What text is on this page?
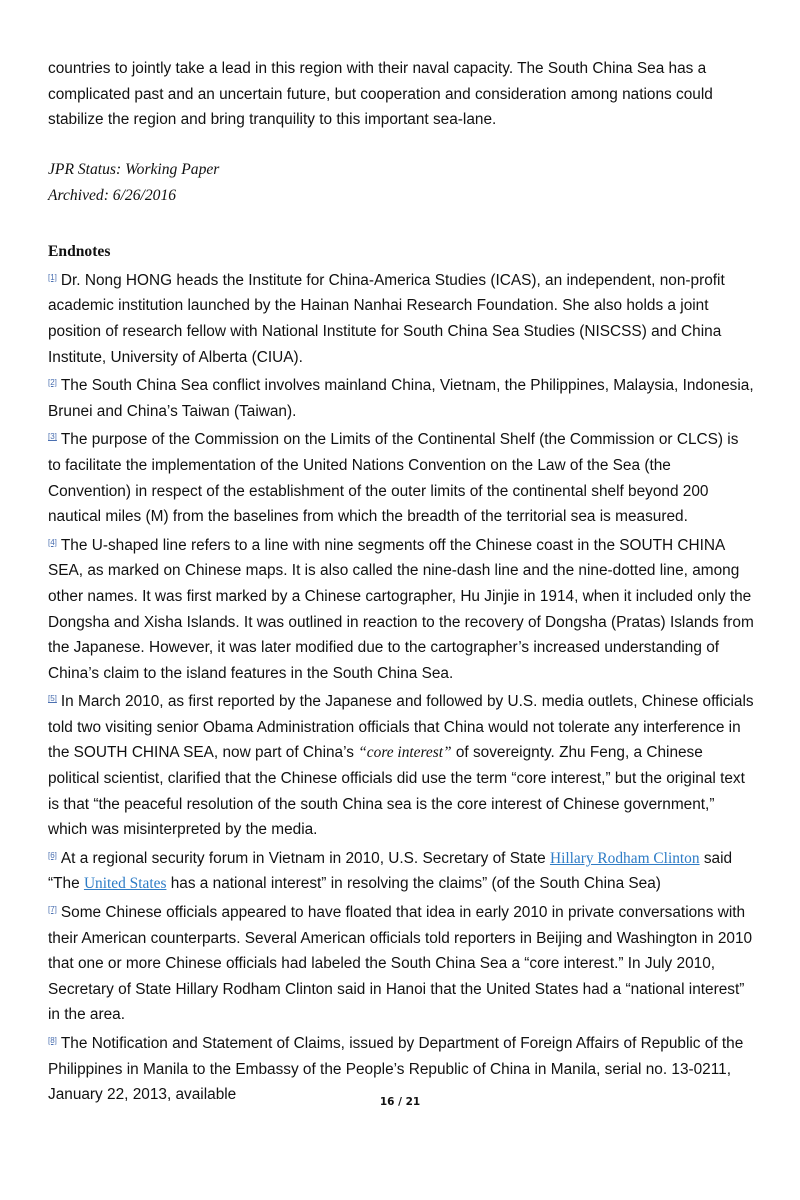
countries to jointly take a lead in this region with their naval capacity. The South China Sea has a complicated past and an uncertain future, but cooperation and consideration among nations could stabilize the region and bring tranquility to this important sea-lane.

JPR Status: Working Paper
Archived: 6/26/2016
Endnotes

[1] Dr. Nong HONG heads the Institute for China-America Studies (ICAS), an independent, non-profit academic institution launched by the Hainan Nanhai Research Foundation. She also holds a joint position of research fellow with National Institute for South China Sea Studies (NISCSS) and China Institute, University of Alberta (CIUA).

[2] The South China Sea conflict involves mainland China, Vietnam, the Philippines, Malaysia, Indonesia, Brunei and China’s Taiwan (Taiwan).

[3] The purpose of the Commission on the Limits of the Continental Shelf (the Commission or CLCS) is to facilitate the implementation of the United Nations Convention on the Law of the Sea (the Convention) in respect of the establishment of the outer limits of the continental shelf beyond 200 nautical miles (M) from the baselines from which the breadth of the territorial sea is measured.

[4] The U-shaped line refers to a line with nine segments off the Chinese coast in the SOUTH CHINA SEA, as marked on Chinese maps. It is also called the nine-dash line and the nine-dotted line, among other names. It was first marked by a Chinese cartographer, Hu Jinjie in 1914, when it included only the Dongsha and Xisha Islands. It was outlined in reaction to the recovery of Dongsha (Pratas) Islands from the Japanese. However, it was later modified due to the cartographer’s increased understanding of China’s claim to the island features in the South China Sea.

[5] In March 2010, as first reported by the Japanese and followed by U.S. media outlets, Chinese officials told two visiting senior Obama Administration officials that China would not tolerate any interference in the SOUTH CHINA SEA, now part of China’s “core interest” of sovereignty. Zhu Feng, a Chinese political scientist, clarified that the Chinese officials did use the term “core interest,” but the original text is that “the peaceful resolution of the south China sea is the core interest of Chinese government,” which was misinterpreted by the media.

[6] At a regional security forum in Vietnam in 2010, U.S. Secretary of State Hillary Rodham Clinton said “The United States has a national interest” in resolving the claims” (of the South China Sea)

[7] Some Chinese officials appeared to have floated that idea in early 2010 in private conversations with their American counterparts. Several American officials told reporters in Beijing and Washington in 2010 that one or more Chinese officials had labeled the South China Sea a “core interest.” In July 2010, Secretary of State Hillary Rodham Clinton said in Hanoi that the United States had a “national interest” in the area.

[8] The Notification and Statement of Claims, issued by Department of Foreign Affairs of Republic of the Philippines in Manila to the Embassy of the People’s Republic of China in Manila, serial no. 13-0211, January 22, 2013, available	16 / 21
